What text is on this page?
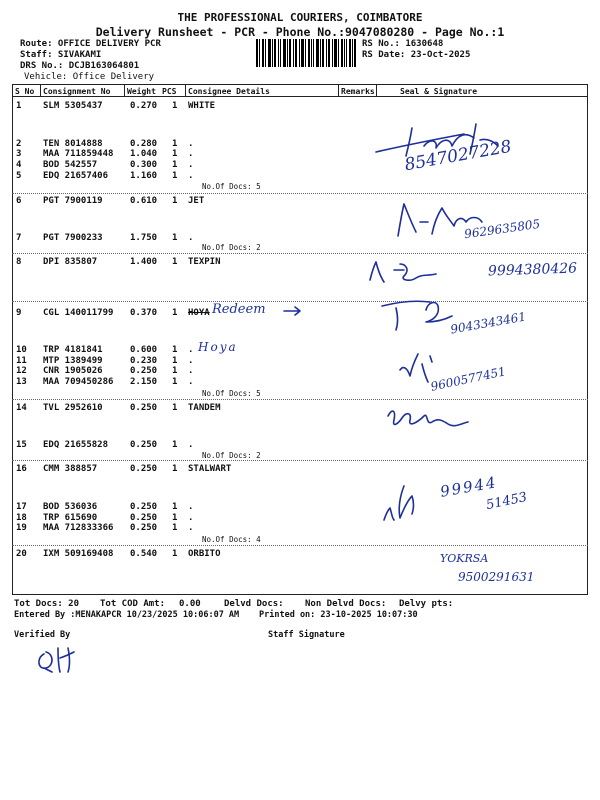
THE PROFESSIONAL COURIERS, COIMBATORE
Delivery Runsheet - PCR - Phone No.:9047080280 - Page No.:1
Route: OFFICE DELIVERY PCR
Staff: SIVAKAMI
DRS No.: DCJB163064801
Vehicle: Office Delivery
RS No.: 1630648
RS Date: 23-Oct-2025
S No Consignment No Weight PCS Consignee Details	Remarks	Seal & Signature
1 SLM 5305437	0.270 1 WHITE
2 TEN 8014888	0.280 1 .
3 MAA 711859448 1.040 1 .
4 BOD 542557	0.300 1 .
5 EDQ 21657406 1.160 1 .
No.Of Docs: 5
6 PGT 7900119	0.610 1 JET
7 PGT 7900233	1.750 1 .
No.Of Docs: 2
8 DPI 835807	1.400 1 TEXPIN
9 CGL 140011799 0.370 1 HOYA
10 TRP 4181841	0.600 1 .
11 MTP 1389499	0.230 1 .
12 CNR 1905026	0.250 1 .
13 MAA 709450286 2.150 1 .
No.Of Docs: 5
14 TVL 2952610	0.250 1 TANDEM
15 EDQ 21655828 0.250 1 .
No.Of Docs: 2
16 CMM 388857	0.250 1 STALWART
17 BOD 536036	0.250 1 .
18 TRP 615690	0.250 1 .
19 MAA 712833366 0.250 1 .
No.Of Docs: 4
20 IXM 509169408 0.540 1 ORBITO
8547027228
9629635805
9994380426
Redeem	9043343461
Hoya
9600577451
99944
51453
YOKRSA
9500291631
Tot Docs: 20 Tot COD Amt: 0.00	Delvd Docs: Non Delvd Docs: Delvy pts:
Entered By :MENAKAPCR 10/23/2025 10:06:07 AM Printed on: 23-10-2025 10:07:30
Verified By	Staff Signature
